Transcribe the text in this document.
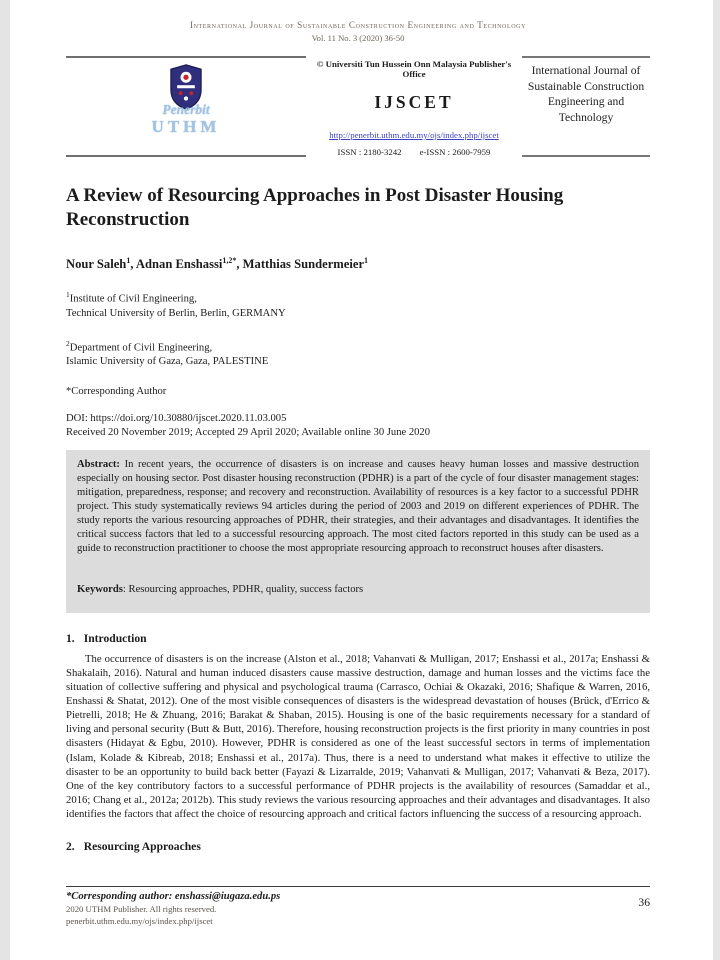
International Journal of Sustainable Construction Engineering and Technology
Vol. 11 No. 3 (2020) 36-50
Penerbit
UTHM
© Universiti Tun Hussein Onn Malaysia Publisher's Office
IJSCET
http://penerbit.uthm.edu.my/ojs/index.php/ijscet
ISSN : 2180-3242 e-ISSN : 2600-7959
International Journal of Sustainable Construction Engineering and Technology
A Review of Resourcing Approaches in Post Disaster Housing Reconstruction
Nour Saleh$^1$, Adnan Enshassi$^{1,2*}$, Matthias Sundermeier$^1$
$^1$Institute of Civil Engineering,
Technical University of Berlin, Berlin, GERMANY
$^2$Department of Civil Engineering,
Islamic University of Gaza, Gaza, PALESTINE
*Corresponding Author
DOI: https://doi.org/10.30880/ijscet.2020.11.03.005
Received 20 November 2019; Accepted 29 April 2020; Available online 30 June 2020
Abstract: In recent years, the occurrence of disasters is on increase and causes heavy human losses and massive destruction especially on housing sector. Post disaster housing reconstruction (PDHR) is a part of the cycle of four disaster management stages: mitigation, preparedness, response; and recovery and reconstruction. Availability of resources is a key factor to a successful PDHR project. This study systematically reviews 94 articles during the period of 2003 and 2019 on different experiences of PDHR. The study reports the various resourcing approaches of PDHR, their strategies, and their advantages and disadvantages. It identifies the critical success factors that led to a successful resourcing approach. The most cited factors reported in this study can be used as a guide to reconstruction practitioner to choose the most appropriate resourcing approach to reconstruct houses after disasters.
Keywords: Resourcing approaches, PDHR, quality, success factors
1. Introduction
The occurrence of disasters is on the increase (Alston et al., 2018; Vahanvati & Mulligan, 2017; Enshassi et al., 2017a; Enshassi & Shakalaih, 2016). Natural and human induced disasters cause massive destruction, damage and human losses and the victims face the situation of collective suffering and physical and psychological trauma (Carrasco, Ochiai & Okazaki, 2016; Shafique & Warren, 2016, Enshassi & Shatat, 2012). One of the most visible consequences of disasters is the widespread devastation of houses (Brück, d'Errico & Pietrelli, 2018; He & Zhuang, 2016; Barakat & Shaban, 2015). Housing is one of the basic requirements necessary for a standard of living and personal security (Butt & Butt, 2016). Therefore, housing reconstruction projects is the first priority in many countries in post disasters (Hidayat & Egbu, 2010). However, PDHR is considered as one of the least successful sectors in terms of implementation (Islam, Kolade & Kibreab, 2018; Enshassi et al., 2017a). Thus, there is a need to understand what makes it effective to utilize the disaster to be an opportunity to build back better (Fayazi & Lizarralde, 2019; Vahanvati & Mulligan, 2017; Vahanvati & Beza, 2017). One of the key contributory factors to a successful performance of PDHR projects is the availability of resources (Samaddar et al., 2016; Chang et al., 2012a; 2012b). This study reviews the various resourcing approaches and their advantages and disadvantages. It also identifies the factors that affect the choice of resourcing approach and critical factors influencing the success of a resourcing approach.
2. Resourcing Approaches
*Corresponding author: enshassi@iugaza.edu.ps
2020 UTHM Publisher. All rights reserved.
penerbit.uthm.edu.my/ojs/index.php/ijscet
36
